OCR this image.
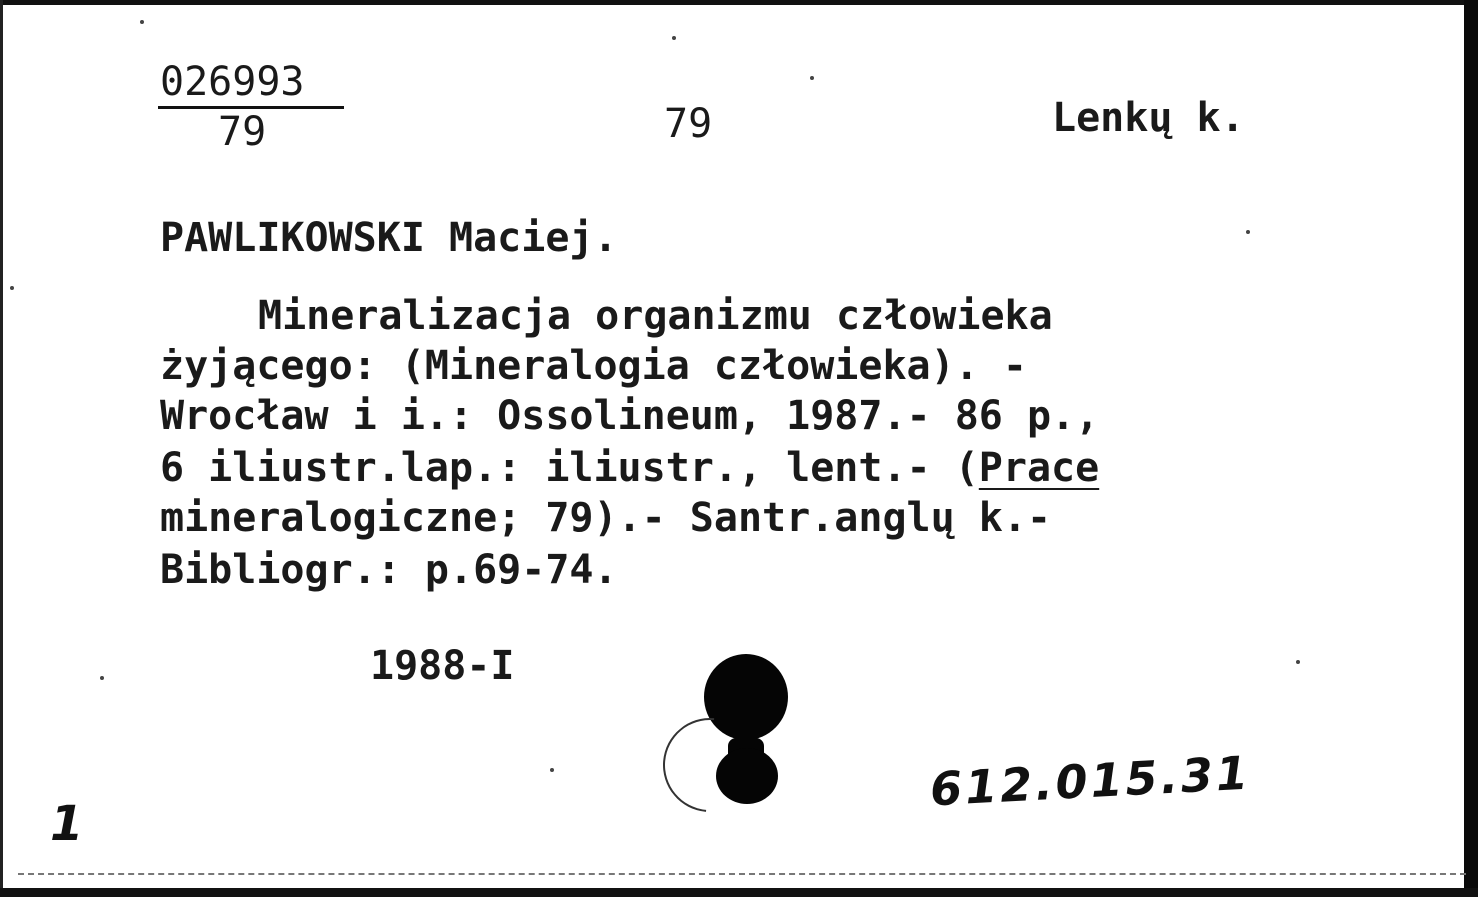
026993
79	79	Lenkų k.
PAWLIKOWSKI Maciej.
Mineralizacja organizmu człowieka
żyjącego: (Mineralogia człowieka). -
Wrocław i i.: Ossolineum, 1987.- 86 p.,
6 iliustr.lap.: iliustr., lent.- (Prace
mineralogiczne; 79).- Santr.anglų k.-
Bibliogr.: p.69-74.
1988-I
612.015.31
1
